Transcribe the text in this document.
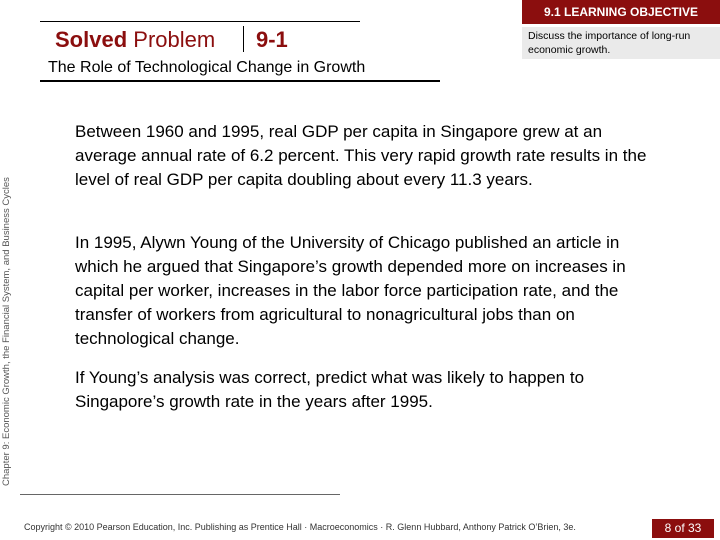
Solved Problem 9-1
The Role of Technological Change in Growth
9.1 LEARNING OBJECTIVE
Discuss the importance of long-run economic growth.
Chapter 9: Economic Growth, the Financial System, and Business Cycles

Between 1960 and 1995, real GDP per capita in Singapore grew at an average annual rate of 6.2 percent. This very rapid growth rate results in the level of real GDP per capita doubling about every 11.3 years.

In 1995, Alywn Young of the University of Chicago published an article in which he argued that Singapore’s growth depended more on increases in capital per worker, increases in the labor force participation rate, and the transfer of workers from agricultural to nonagricultural jobs than on technological change.

If Young’s analysis was correct, predict what was likely to happen to Singapore’s growth rate in the years after 1995.

Copyright © 2010 Pearson Education, Inc. Publishing as Prentice Hall · Macroeconomics · R. Glenn Hubbard, Anthony Patrick O’Brien, 3e.	8 of 33
